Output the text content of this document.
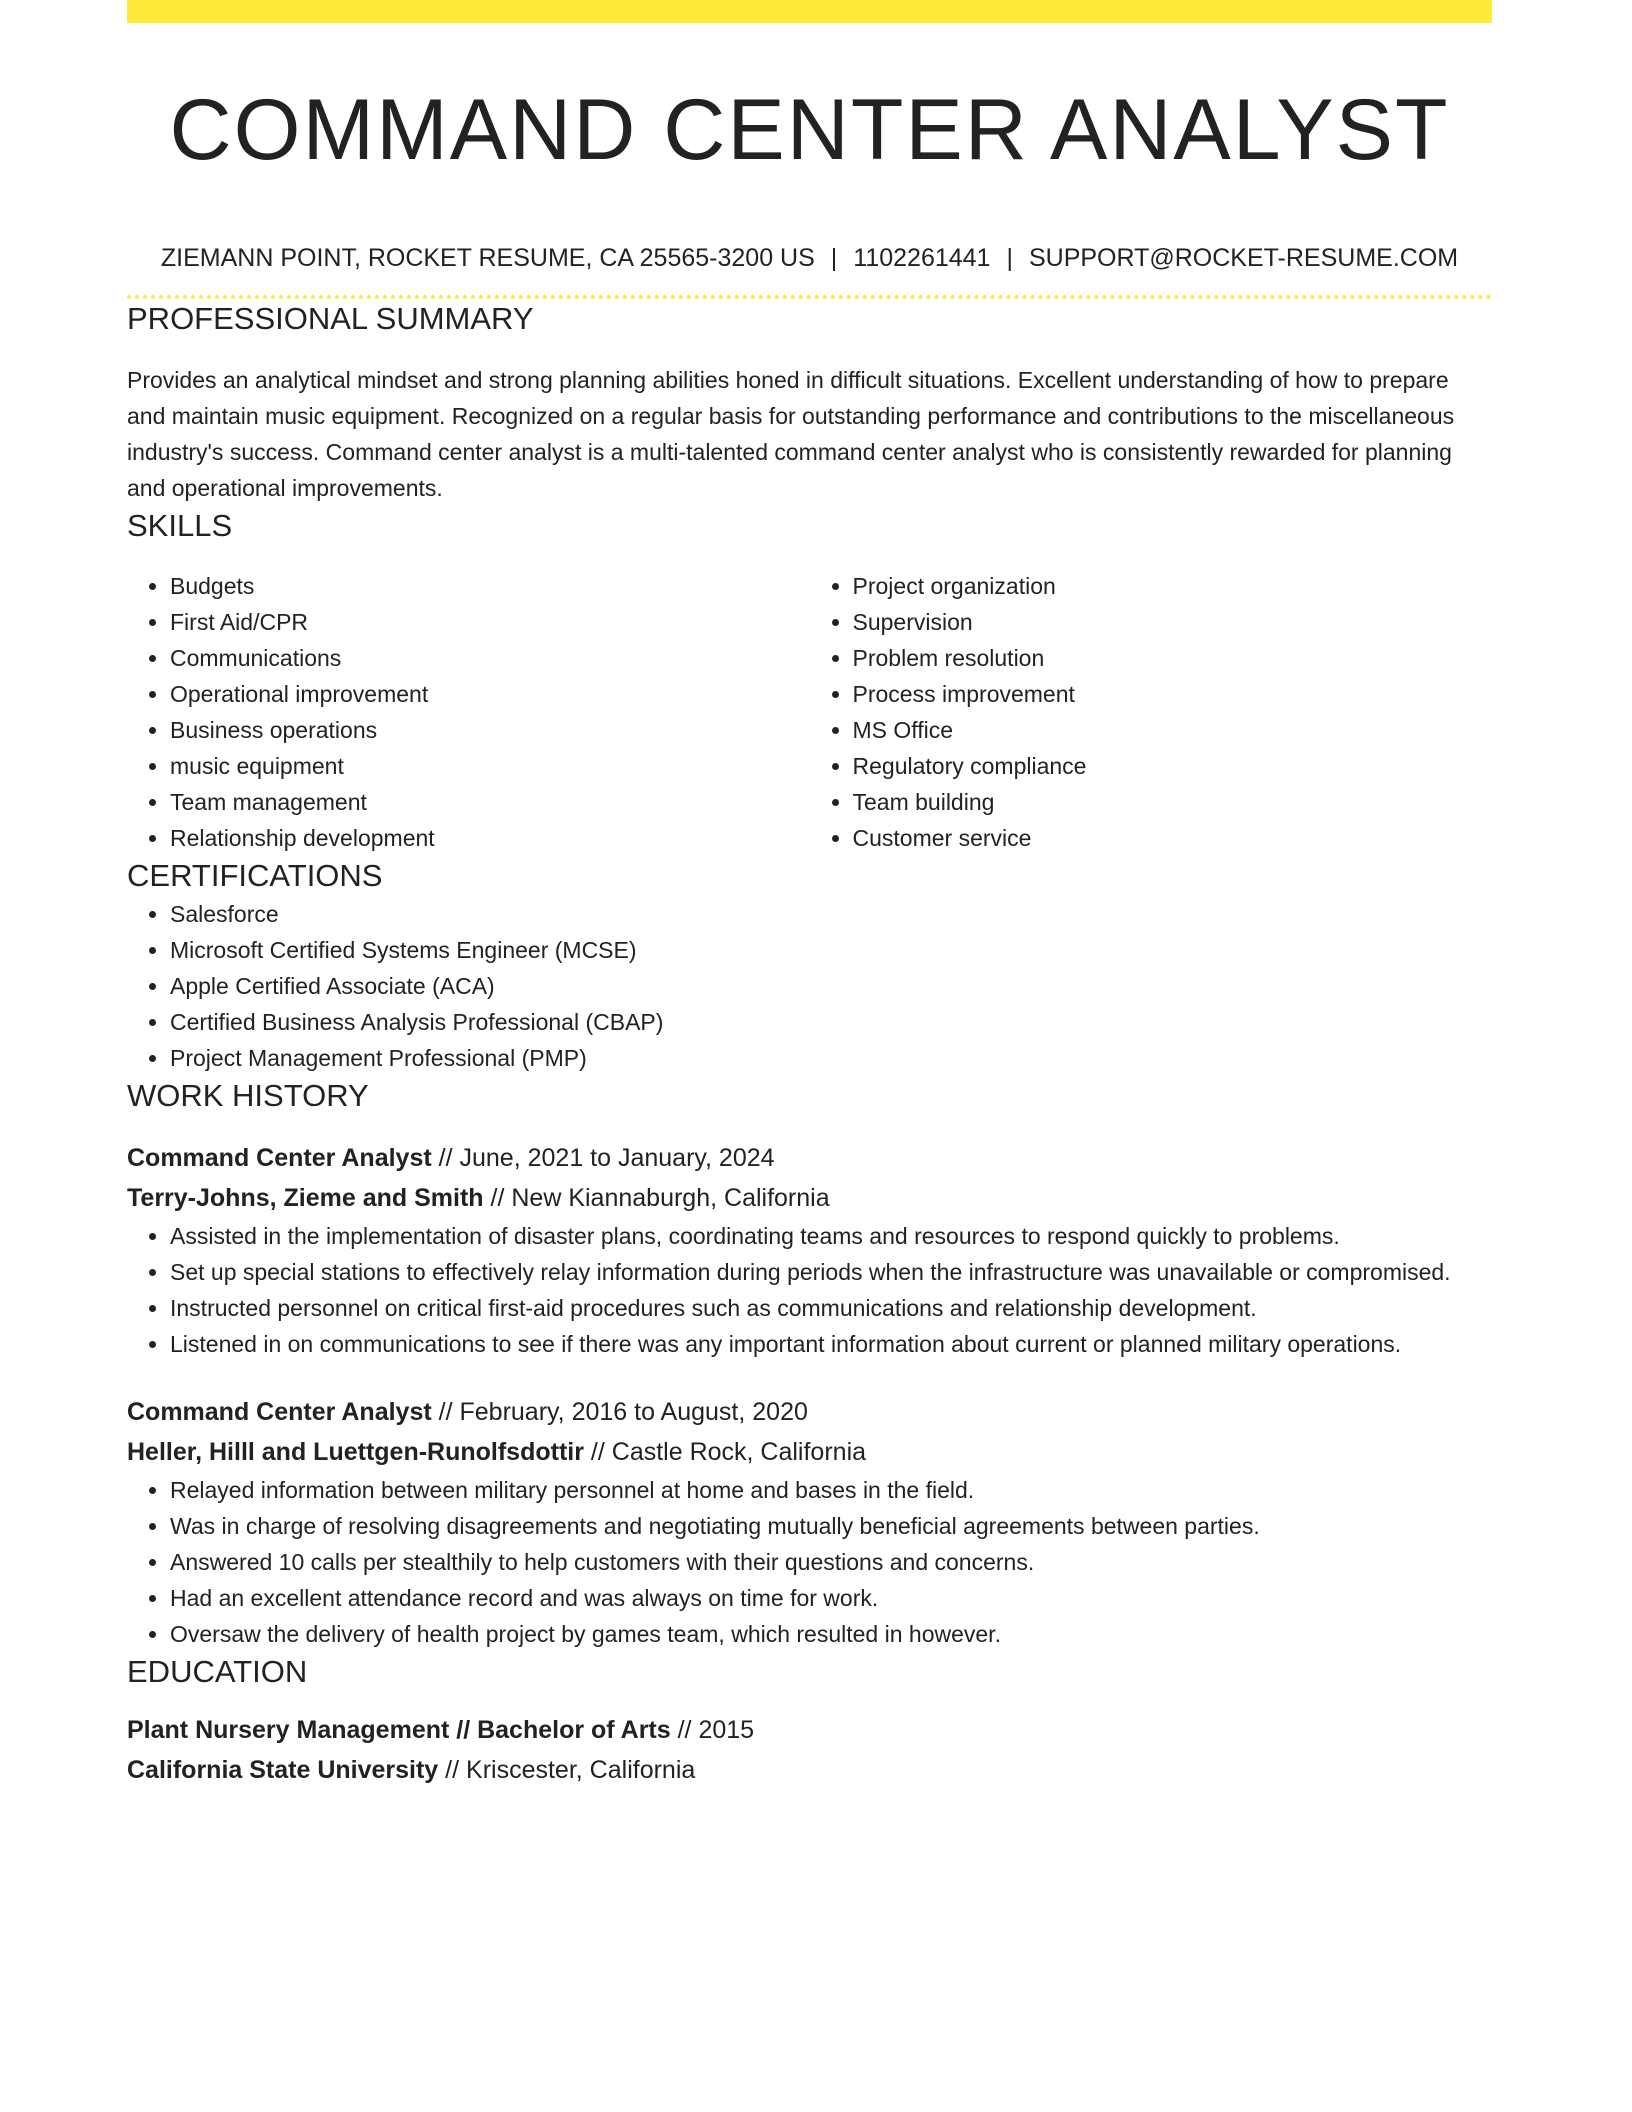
COMMAND CENTER ANALYST
ZIEMANN POINT, ROCKET RESUME, CA 25565-3200 US | 1102261441 | SUPPORT@ROCKET-RESUME.COM
PROFESSIONAL SUMMARY
Provides an analytical mindset and strong planning abilities honed in difficult situations. Excellent understanding of how to prepare and maintain music equipment. Recognized on a regular basis for outstanding performance and contributions to the miscellaneous industry's success. Command center analyst is a multi-talented command center analyst who is consistently rewarded for planning and operational improvements.
SKILLS
• Budgets
• First Aid/CPR
• Communications
• Operational improvement
• Business operations
• music equipment
• Team management
• Relationship development
• Project organization
• Supervision
• Problem resolution
• Process improvement
• MS Office
• Regulatory compliance
• Team building
• Customer service
CERTIFICATIONS
• Salesforce
• Microsoft Certified Systems Engineer (MCSE)
• Apple Certified Associate (ACA)
• Certified Business Analysis Professional (CBAP)
• Project Management Professional (PMP)
WORK HISTORY
Command Center Analyst // June, 2021 to January, 2024
Terry-Johns, Zieme and Smith // New Kiannaburgh, California
• Assisted in the implementation of disaster plans, coordinating teams and resources to respond quickly to problems.
• Set up special stations to effectively relay information during periods when the infrastructure was unavailable or compromised.
• Instructed personnel on critical first-aid procedures such as communications and relationship development.
• Listened in on communications to see if there was any important information about current or planned military operations.
Command Center Analyst // February, 2016 to August, 2020
Heller, Hilll and Luettgen-Runolfsdottir // Castle Rock, California
• Relayed information between military personnel at home and bases in the field.
• Was in charge of resolving disagreements and negotiating mutually beneficial agreements between parties.
• Answered 10 calls per stealthily to help customers with their questions and concerns.
• Had an excellent attendance record and was always on time for work.
• Oversaw the delivery of health project by games team, which resulted in however.
EDUCATION
Plant Nursery Management // Bachelor of Arts // 2015
California State University // Kriscester, California
